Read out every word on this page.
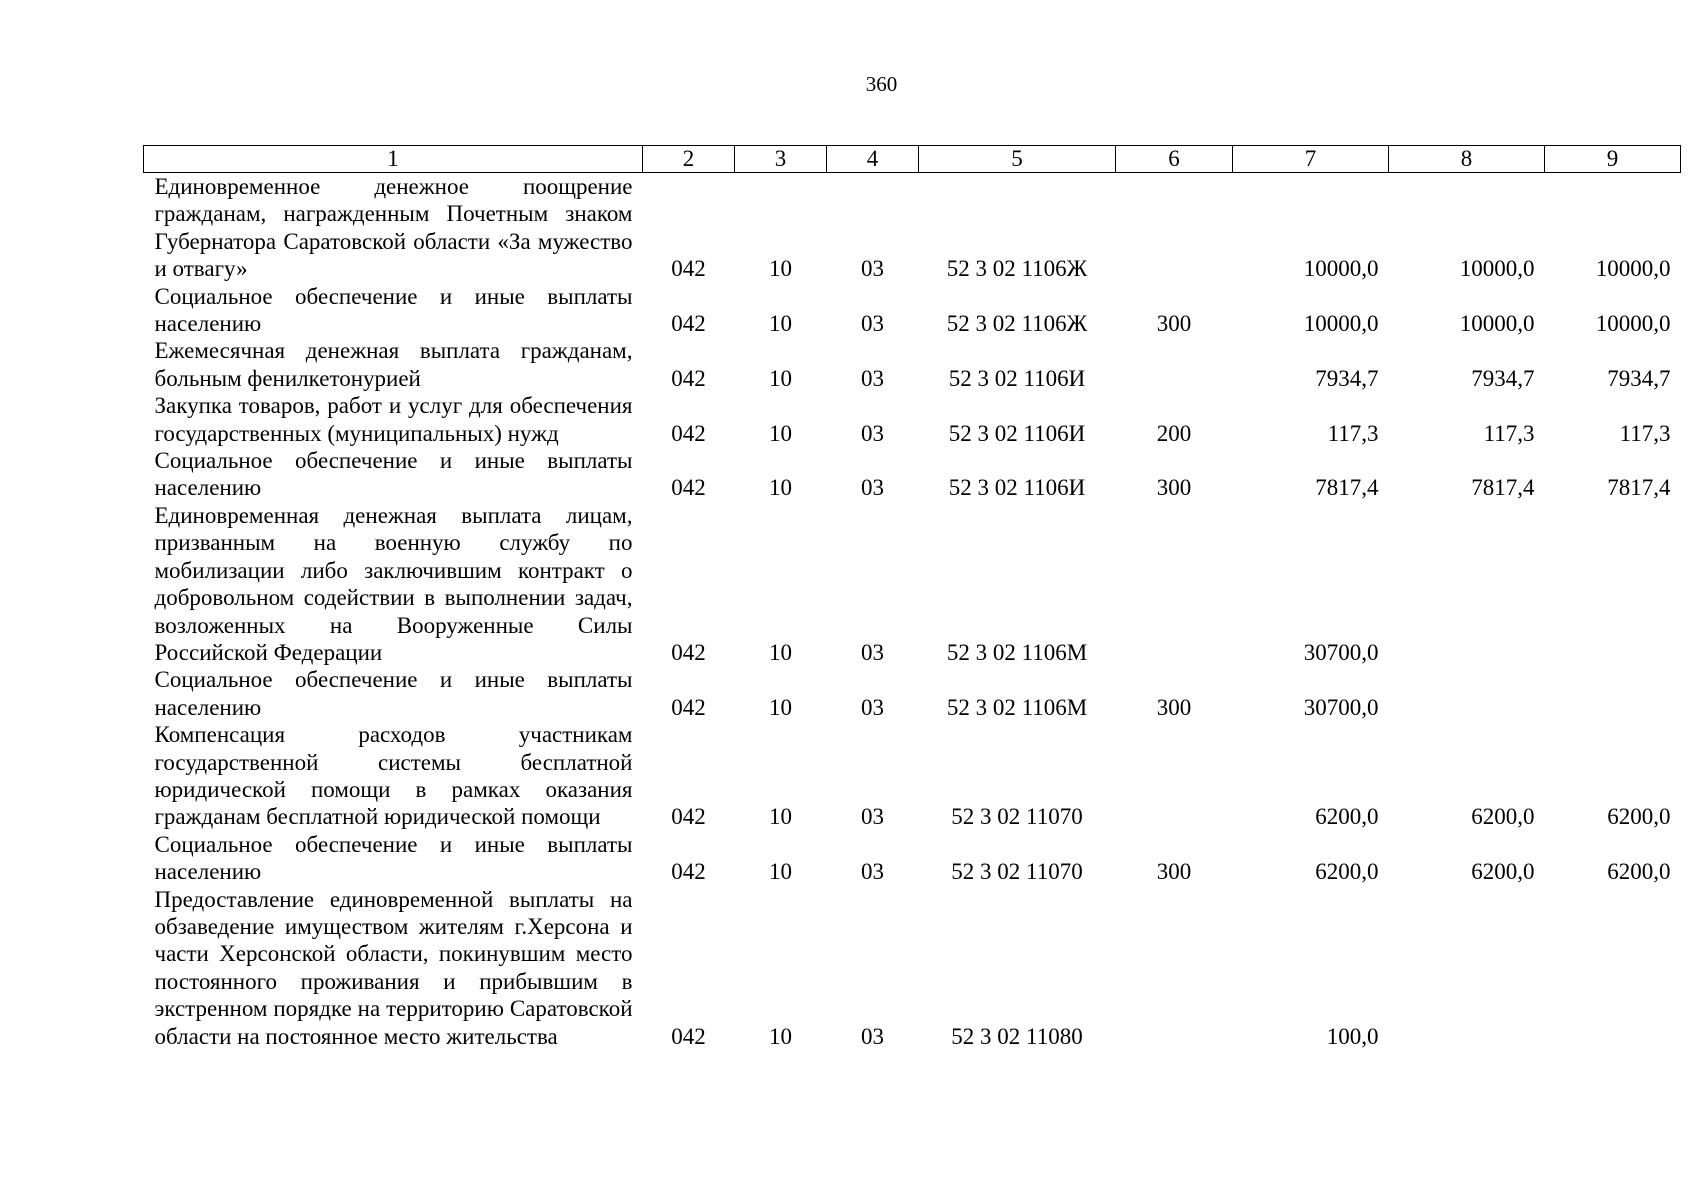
360
1	2	3	4	5	6	7	8	9
Единовременное денежное поощрение гражданам, награжденным Почетным знаком Губернатора Саратовской области «За мужество и отвагу»	042	10	03	52 3 02 1106Ж		10000,0	10000,0	10000,0
Социальное обеспечение и иные выплаты населению	042	10	03	52 3 02 1106Ж	300	10000,0	10000,0	10000,0
Ежемесячная денежная выплата гражданам, больным фенилкетонурией	042	10	03	52 3 02 1106И		7934,7	7934,7	7934,7
Закупка товаров, работ и услуг для обеспечения государственных (муниципальных) нужд	042	10	03	52 3 02 1106И	200	117,3	117,3	117,3
Социальное обеспечение и иные выплаты населению	042	10	03	52 3 02 1106И	300	7817,4	7817,4	7817,4
Единовременная денежная выплата лицам, призванным на военную службу по мобилизации либо заключившим контракт о добровольном содействии в выполнении задач, возложенных на Вооруженные Силы Российской Федерации	042	10	03	52 3 02 1106М		30700,0		
Социальное обеспечение и иные выплаты населению	042	10	03	52 3 02 1106М	300	30700,0		
Компенсация расходов участникам государственной системы бесплатной юридической помощи в рамках оказания гражданам бесплатной юридической помощи	042	10	03	52 3 02 11070		6200,0	6200,0	6200,0
Социальное обеспечение и иные выплаты населению	042	10	03	52 3 02 11070	300	6200,0	6200,0	6200,0
Предоставление единовременной выплаты на обзаведение имуществом жителям г.Херсона и части Херсонской области, покинувшим место постоянного проживания и прибывшим в экстренном порядке на территорию Саратовской области на постоянное место жительства	042	10	03	52 3 02 11080		100,0		
